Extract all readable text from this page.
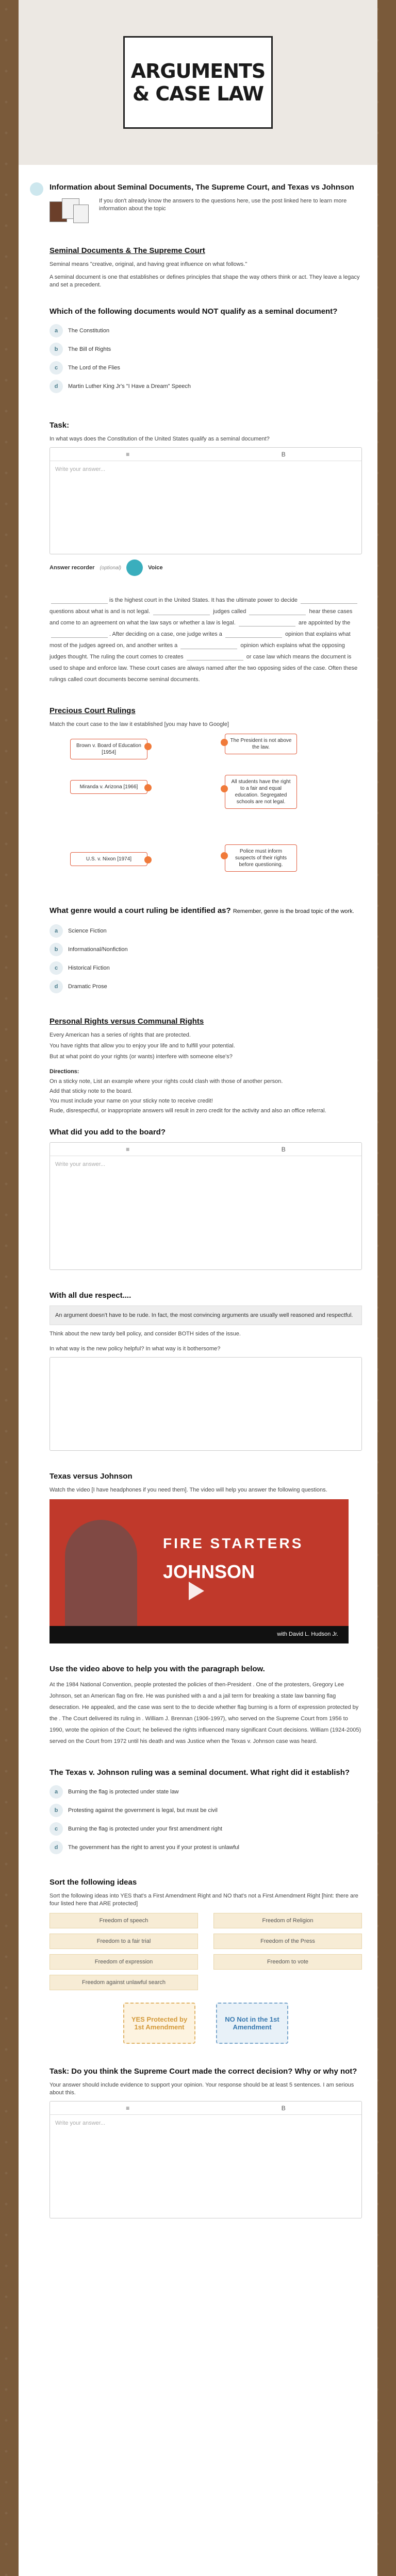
ARGUMENTS & CASE LAW
Information about Seminal Documents, The Supreme Court, and Texas vs Johnson

If you don't already know the answers to the questions here, use the post linked here to learn more information about the topic

Seminal Documents & The Supreme Court

Seminal means "creative, original, and having great influence on what follows."

A seminal document is one that establishes or defines principles that shape the way others think or act. They leave a legacy and set a precedent.

Which of the following documents would NOT qualify as a seminal document?
a	The Constitution
b	The Bill of Rights
c	The Lord of the Flies
d	Martin Luther King Jr's "I Have a Dream" Speech
Task:

In what ways does the Constitution of the United States qualify as a seminal document?

≡	B
Write your answer...
Answer recorder (optional)	Voice

is the highest court in the United States. It has the ultimate power to decide  questions about what is and is not legal.	judges called	hear these cases and come to an agreement on what the law says or whether a law is legal.	are appointed by the . After deciding on a case, one judge writes a	opinion that explains what most of the judges agreed on, and another writes a	opinion which explains what the opposing judges thought. The ruling the court comes to creates	or case law which means the document is used to shape and enforce law. These court cases are always named after the two opposing sides of the case. Often these rulings called court documents become seminal documents.

Precious Court Rulings

Match the court case to the law it established [you may have to Google]

Brown v. Board of Education [1954]
Miranda v. Arizona [1966]
U.S. v. Nixon [1974]
The President is not above the law.
All students have the right to a fair and equal education. Segregated schools are not legal.
Police must inform suspects of their rights before questioning.
What genre would a court ruling be identified as? Remember, genre is the broad topic of the work.
a	Science Fiction
b	Informational/Nonfiction
c	Historical Fiction
d	Dramatic Prose
Personal Rights versus Communal Rights

Every American has a series of rights that are protected.

You have rights that allow you to enjoy your life and to fulfill your potential.

But at what point do your rights (or wants) interfere with someone else's?

Directions:

On a sticky note, List an example where your rights could clash with those of another person.

Add that sticky note to the board.

You must include your name on your sticky note to receive credit!

Rude, disrespectful, or inappropriate answers will result in zero credit for the activity and also an office referral.

What did you add to the board?
≡	B
Write your answer...
With all due respect....
An argument doesn't have to be rude. In fact, the most convincing arguments are usually well reasoned and respectful.

Think about the new tardy bell policy, and consider BOTH sides of the issue.

In what way is the new policy helpful? In what way is it bothersome?

Texas versus Johnson

Watch the video [I have headphones if you need them]. The video will help you answer the following questions.

FIRE STARTERS
JOHNSON
with David L. Hudson Jr.
Use the video above to help you with the paragraph below.

At the 1984 National Convention, people protested the policies of then-President . One of the protesters, Gregory Lee Johnson, set an American flag on fire. He was punished with a and a jail term for breaking a state law banning flag desecration. He appealed, and the case was sent to the to decide whether flag burning is a form of expression protected by the . The Court delivered its ruling in . William J. Brennan (1906-1997), who served on the Supreme Court from 1956 to 1990, wrote the opinion of the Court; he believed the rights influenced many significant Court decisions. William (1924-2005) served on the Court from 1972 until his death and was Justice when the Texas v. Johnson case was heard.

The Texas v. Johnson ruling was a seminal document. What right did it establish?
a	Burning the flag is protected under state law
b	Protesting against the government is legal, but must be civil
c	Burning the flag is protected under your first amendment right
d	The government has the right to arrest you if your protest is unlawful
Sort the following ideas

Sort the following ideas into YES that's a First Amendment Right and NO that's not a First Amendment Right [hint: there are four listed here that ARE protected]

Freedom of speech	Freedom of Religion
Freedom to a fair trial	Freedom of the Press
Freedom of expression	Freedom to vote
Freedom against unlawful search
YES Protected by 1st Amendment
NO Not in the 1st Amendment
Task: Do you think the Supreme Court made the correct decision? Why or why not?

Your answer should include evidence to support your opinion. Your response should be at least 5 sentences. I am serious about this.

≡	B
Write your answer...
